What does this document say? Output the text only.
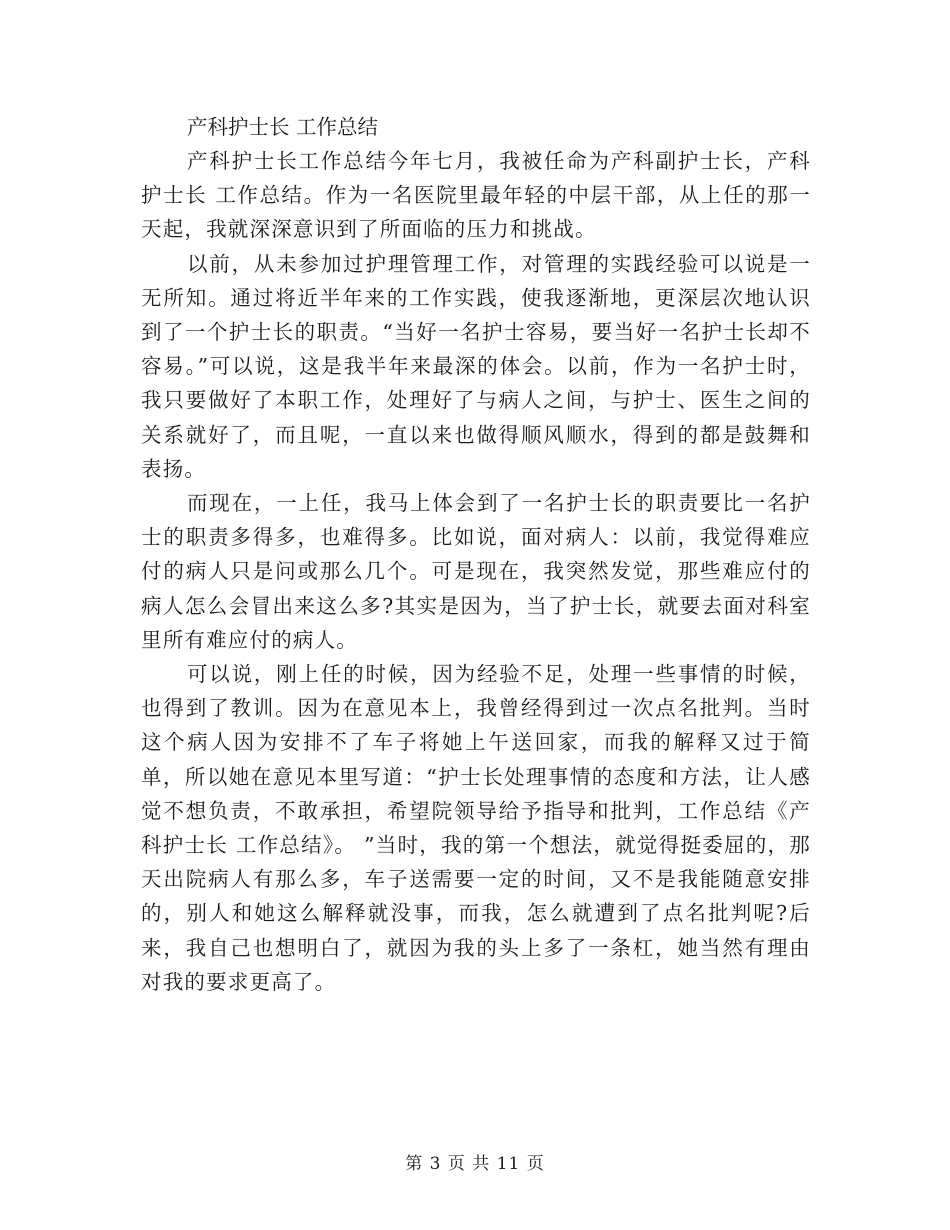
产科护士长 工作总结

产科护士长工作总结今年七月，我被任命为产科副护士长，产科护士长 工作总结。作为一名医院里最年轻的中层干部，从上任的那一天起，我就深深意识到了所面临的压力和挑战。

以前，从未参加过护理管理工作，对管理的实践经验可以说是一无所知。通过将近半年来的工作实践，使我逐渐地，更深层次地认识到了一个护士长的职责。“当好一名护士容易，要当好一名护士长却不容易。”可以说，这是我半年来最深的体会。以前，作为一名护士时，我只要做好了本职工作，处理好了与病人之间，与护士、医生之间的关系就好了，而且呢，一直以来也做得顺风顺水，得到的都是鼓舞和表扬。

而现在，一上任，我马上体会到了一名护士长的职责要比一名护士的职责多得多，也难得多。比如说，面对病人：以前，我觉得难应付的病人只是问或那么几个。可是现在，我突然发觉，那些难应付的病人怎么会冒出来这么多?其实是因为，当了护士长，就要去面对科室里所有难应付的病人。

可以说，刚上任的时候，因为经验不足，处理一些事情的时候，也得到了教训。因为在意见本上，我曾经得到过一次点名批判。当时这个病人因为安排不了车子将她上午送回家，而我的解释又过于简单，所以她在意见本里写道：“护士长处理事情的态度和方法，让人感觉不想负责，不敢承担，希望院领导给予指导和批判，工作总结《产科护士长 工作总结》。 ”当时，我的第一个想法，就觉得挺委屈的，那天出院病人有那么多，车子送需要一定的时间，又不是我能随意安排的，别人和她这么解释就没事，而我，怎么就遭到了点名批判呢?后来，我自己也想明白了，就因为我的头上多了一条杠，她当然有理由对我的要求更高了。

第 3 页 共 11 页
